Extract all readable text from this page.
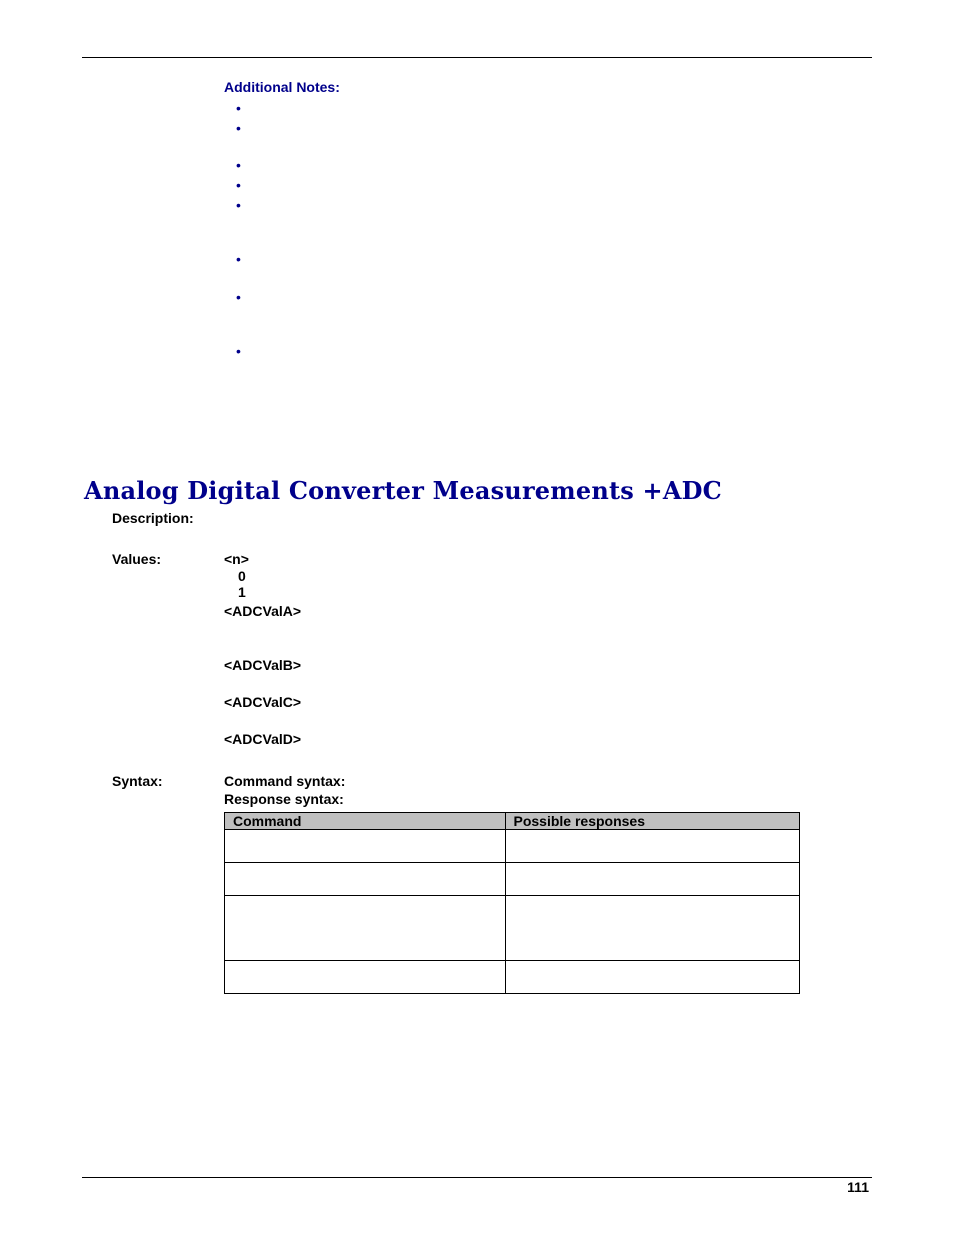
Additional Notes:
•
•
•
•
•
•
•
•
Analog Digital Converter Measurements +ADC
Description:
Values:	<n>
0
1
<ADCValA>
<ADCValB>
<ADCValC>
<ADCValD>
Syntax:	Command syntax:
Response syntax:
Command	Possible responses

111
